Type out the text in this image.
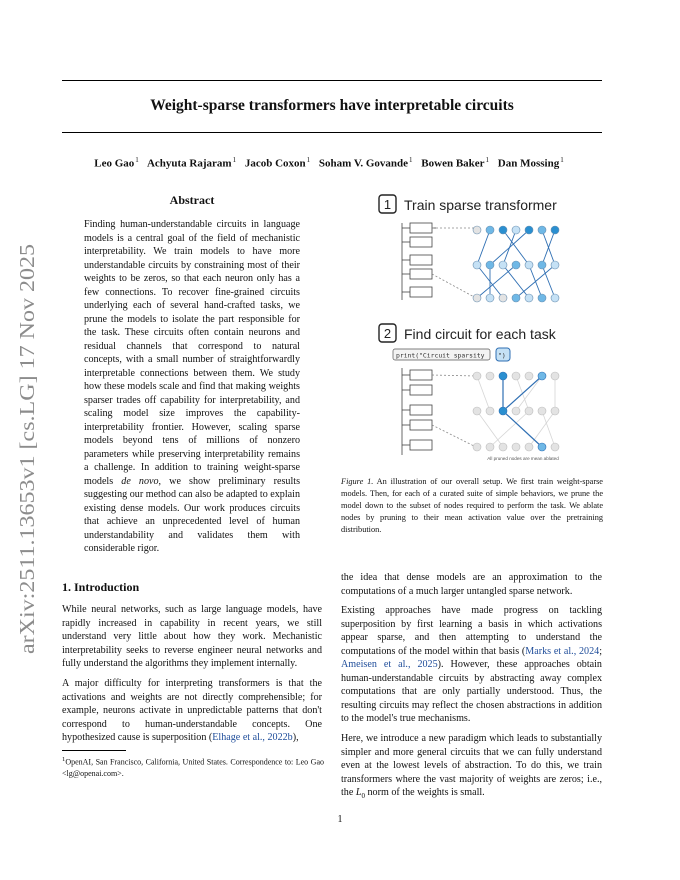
Weight-sparse transformers have interpretable circuits
Leo Gao$^1$ Achyuta Rajaram$^1$ Jacob Coxon$^1$ Soham V. Govande$^1$ Bowen Baker$^1$ Dan Mossing$^1$
arXiv:2511.13653v1 [cs.LG] 17 Nov 2025
Abstract
Finding human-understandable circuits in language models is a central goal of the field of mechanistic interpretability. We train models to have more understandable circuits by constraining most of their weights to be zeros, so that each neuron only has a few connections. To recover fine-grained circuits underlying each of several hand-crafted tasks, we prune the models to isolate the part responsible for the task. These circuits often contain neurons and residual channels that correspond to natural concepts, with a small number of straightforwardly interpretable connections between them. We study how these models scale and find that making weights sparser trades off capability for interpretability, and scaling model size improves the capability-interpretability frontier. However, scaling sparse models beyond tens of millions of nonzero parameters while preserving interpretability remains a challenge. In addition to training weight-sparse models de novo, we show preliminary results suggesting our method can also be adapted to explain existing dense models. Our work produces circuits that achieve an unprecedented level of human understandability and validates them with considerable rigor.
1 Train sparse transformer
2 Find circuit for each task
print("Circuit sparsity ")
All pruned nodes are mean ablated
Figure 1. An illustration of our overall setup. We first train weight-sparse models. Then, for each of a curated suite of simple behaviors, we prune the model down to the subset of nodes required to perform the task. We ablate nodes by pruning to their mean activation value over the pretraining distribution.
1. Introduction
While neural networks, such as large language models, have rapidly increased in capability in recent years, we still understand very little about how they work. Mechanistic interpretability seeks to reverse engineer neural networks and fully understand the algorithms they implement internally.
A major difficulty for interpreting transformers is that the activations and weights are not directly comprehensible; for example, neurons activate in unpredictable patterns that don't correspond to human-understandable concepts. One hypothesized cause is superposition (Elhage et al., 2022b),
$^1$OpenAI, San Francisco, California, United States. Correspondence to: Leo Gao <lg@openai.com>.
the idea that dense models are an approximation to the computations of a much larger untangled sparse network.
Existing approaches have made progress on tackling superposition by first learning a basis in which activations appear sparse, and then attempting to understand the computations of the model within that basis (Marks et al., 2024; Ameisen et al., 2025). However, these approaches obtain human-understandable circuits by abstracting away complex computations that are only partially understood. Thus, the resulting circuits may reflect the chosen abstractions in addition to the model's true mechanisms.
Here, we introduce a new paradigm which leads to substantially simpler and more general circuits that we can fully understand even at the lowest levels of abstraction. To do this, we train transformers where the vast majority of weights are zeros; i.e., the $L_0$ norm of the weights is small.
1
